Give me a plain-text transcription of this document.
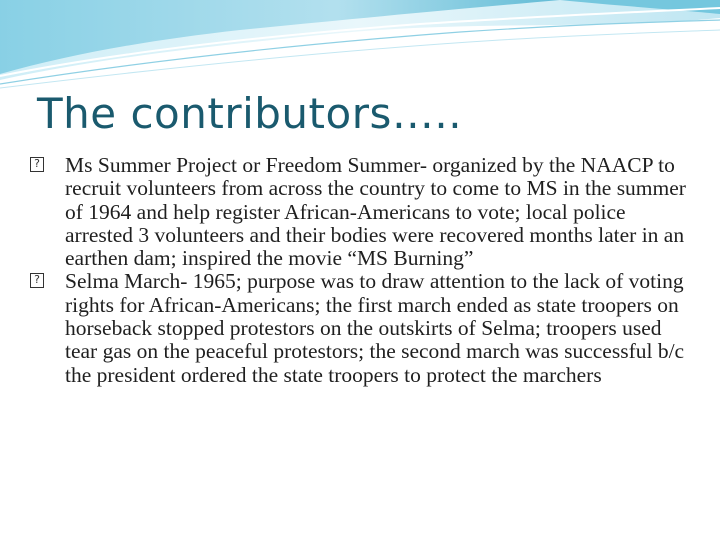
The contributors…..
? Ms Summer Project or Freedom Summer- organized by the NAACP to recruit volunteers from across the country to come to MS in the summer of 1964 and help register African-Americans to vote; local police arrested 3 volunteers and their bodies were recovered months later in an earthen dam; inspired the movie “MS Burning”
? Selma March- 1965; purpose was to draw attention to the lack of voting rights for African-Americans; the first march ended as state troopers on horseback stopped protestors on the outskirts of Selma; troopers used tear gas on the peaceful protestors; the second march was successful b/c the president ordered the state troopers to protect the marchers
